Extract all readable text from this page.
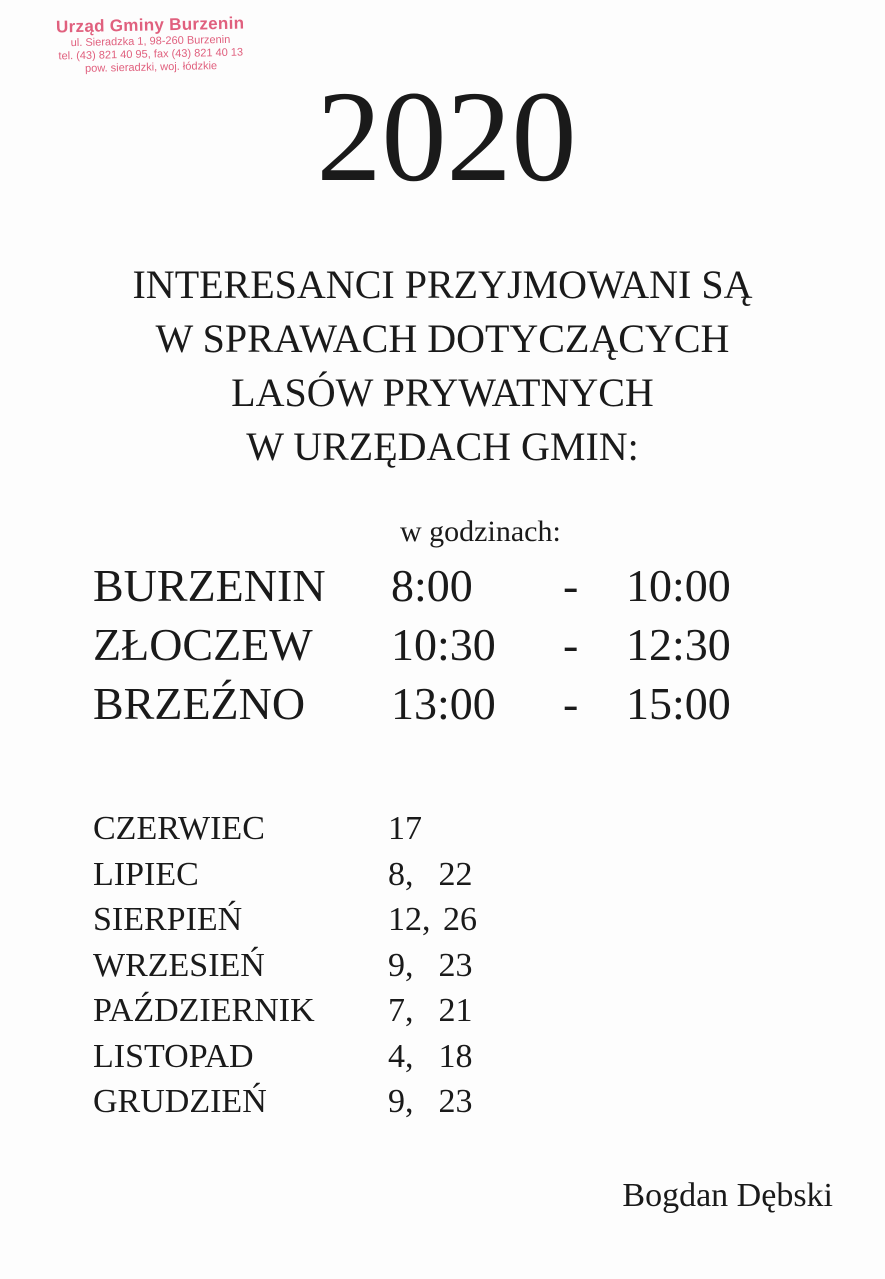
Urząd Gminy Burzenin
ul. Sieradzka 1, 98-260 Burzenin
tel. (43) 821 40 95, fax (43) 821 40 13
pow. sieradzki, woj. łódzkie 2020
INTERESANCI PRZYJMOWANI SĄ
W SPRAWACH DOTYCZĄCYCH
LASÓW PRYWATNYCH
W URZĘDACH GMIN:
w godzinach:
BURZENIN 8:00 - 10:00
ZŁOCZEW 10:30 - 12:30
BRZEŹNO 13:00 - 15:00
CZERWIEC	17
LIPIEC	8,  22
SIERPIEŃ	12, 26
WRZESIEŃ	9,  23
PAŹDZIERNIK 7,  21
LISTOPAD	4,  18
GRUDZIEŃ	9,  23
Bogdan Dębski
